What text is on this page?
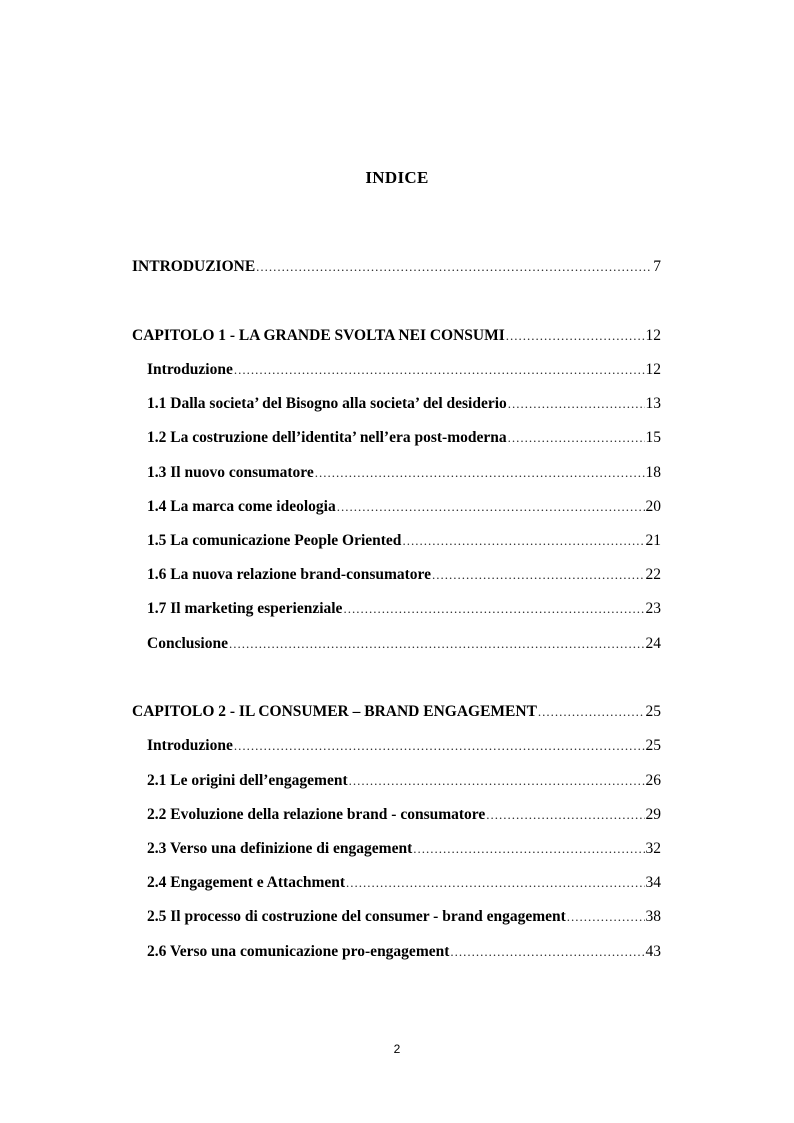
INDICE
INTRODUZIONE .....	7
CAPITOLO 1 - LA GRANDE SVOLTA NEI CONSUMI .....	12
Introduzione .....	12
1.1 Dalla societa’ del Bisogno alla societa’ del desiderio .....	13
1.2 La costruzione dell’identita’ nell’era post-moderna .....	15
1.3 Il nuovo consumatore .....	18
1.4 La marca come ideologia .....	20
1.5 La comunicazione People Oriented .....	21
1.6 La nuova relazione brand-consumatore .....	22
1.7 Il marketing esperienziale .....	23
Conclusione .....	24
CAPITOLO 2 - IL CONSUMER – BRAND ENGAGEMENT .....	25
Introduzione .....	25
2.1 Le origini dell’engagement .....	26
2.2 Evoluzione della relazione brand - consumatore .....	29
2.3 Verso una definizione di engagement .....	32
2.4 Engagement e Attachment .....	34
2.5 Il processo di costruzione del consumer - brand engagement .....	38
2.6 Verso una comunicazione pro-engagement .....	43
2
